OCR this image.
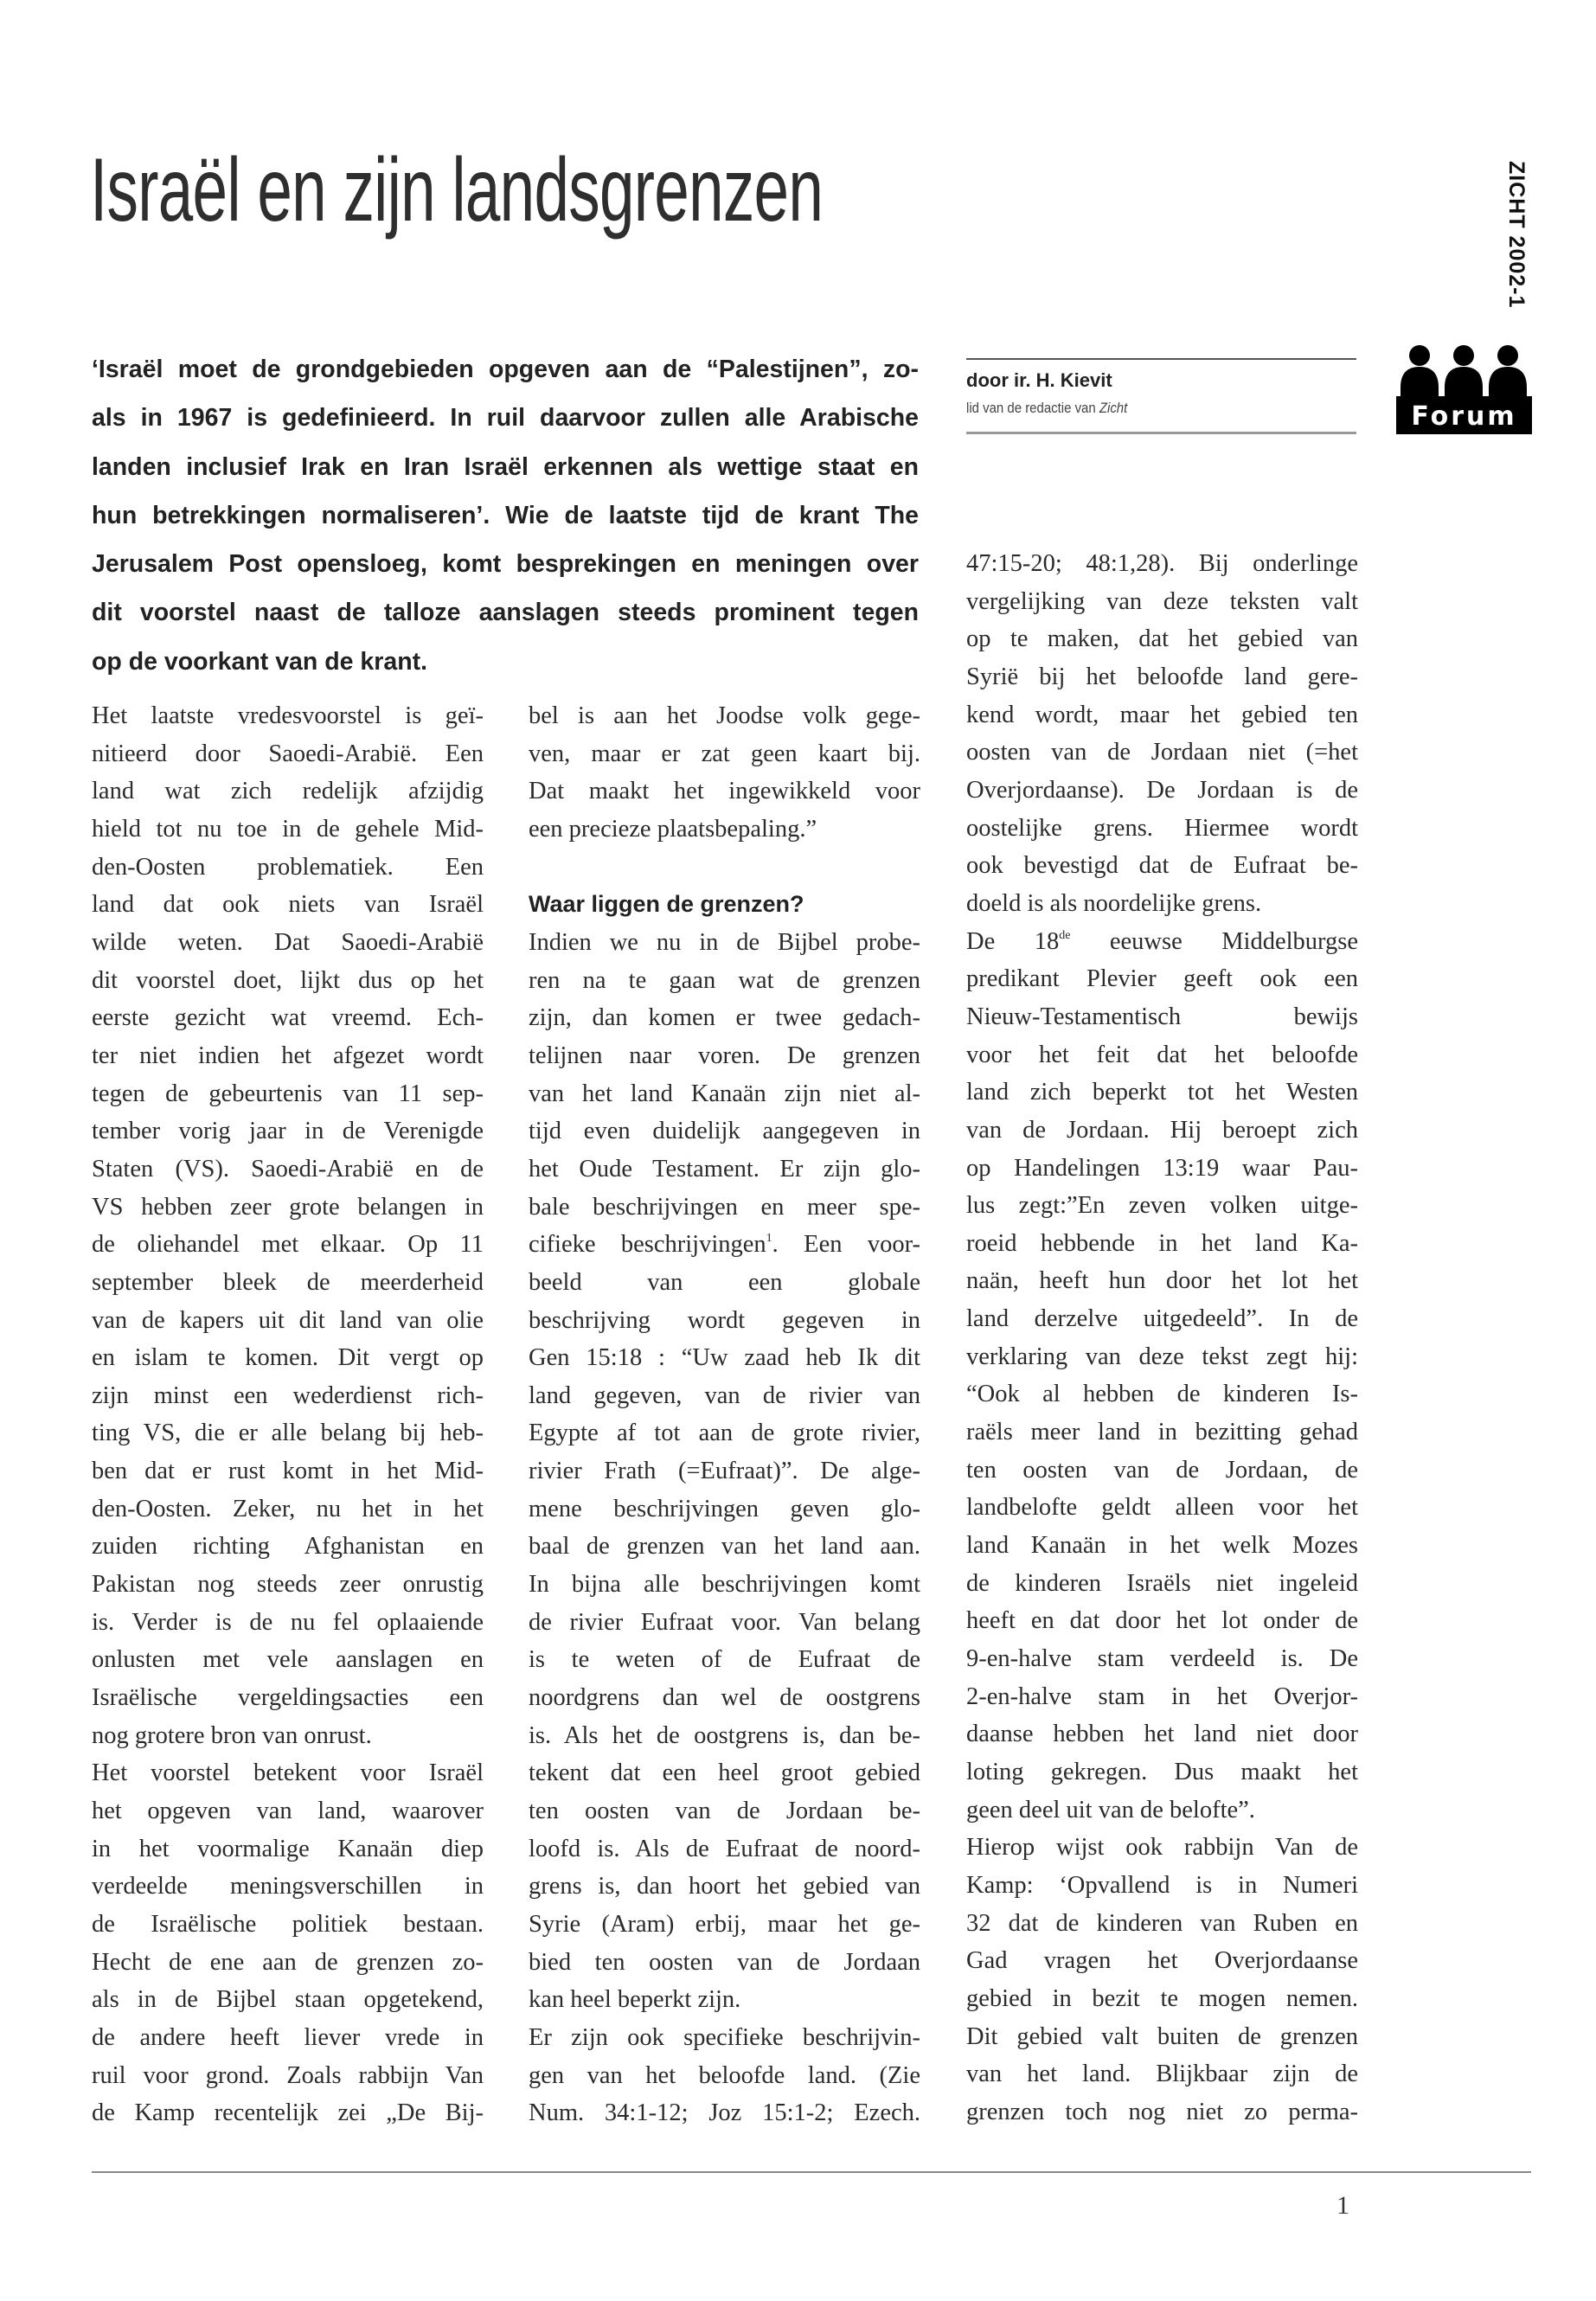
Israël en zijn landsgrenzen	ZICHT 2002-1
door ir. H. Kievit
lid van de redactie van Zicht	Forum
‘Israël moet de grondgebieden opgeven aan de “Palestijnen”, zo-
als in 1967 is gedefinieerd. In ruil daarvoor zullen alle Arabische
landen inclusief Irak en Iran Israël erkennen als wettige staat en
hun betrekkingen normaliseren’. Wie de laatste tijd de krant The
Jerusalem Post opensloeg, komt besprekingen en meningen over
dit voorstel naast de talloze aanslagen steeds prominent tegen
op de voorkant van de krant.
Het laatste vredesvoorstel is geï-
nitieerd door Saoedi-Arabië. Een
land wat zich redelijk afzijdig
hield tot nu toe in de gehele Mid-
den-Oosten problematiek. Een
land dat ook niets van Israël
wilde weten. Dat Saoedi-Arabië
dit voorstel doet, lijkt dus op het
eerste gezicht wat vreemd. Ech-
ter niet indien het afgezet wordt
tegen de gebeurtenis van 11 sep-
tember vorig jaar in de Verenigde
Staten (VS). Saoedi-Arabië en de
VS hebben zeer grote belangen in
de oliehandel met elkaar. Op 11
september bleek de meerderheid
van de kapers uit dit land van olie
en islam te komen. Dit vergt op
zijn minst een wederdienst rich-
ting VS, die er alle belang bij heb-
ben dat er rust komt in het Mid-
den-Oosten. Zeker, nu het in het
zuiden richting Afghanistan en
Pakistan nog steeds zeer onrustig
is. Verder is de nu fel oplaaiende
onlusten met vele aanslagen en
Israëlische vergeldingsacties een
nog grotere bron van onrust.
Het voorstel betekent voor Israël
het opgeven van land, waarover
in het voormalige Kanaän diep
verdeelde meningsverschillen in
de Israëlische politiek bestaan.
Hecht de ene aan de grenzen zo-
als in de Bijbel staan opgetekend,
de andere heeft liever vrede in
ruil voor grond. Zoals rabbijn Van
de Kamp recentelijk zei „De Bij-
bel is aan het Joodse volk gege-
ven, maar er zat geen kaart bij.
Dat maakt het ingewikkeld voor
een precieze plaatsbepaling.”
Waar liggen de grenzen?
Indien we nu in de Bijbel probe-
ren na te gaan wat de grenzen
zijn, dan komen er twee gedach-
telijnen naar voren. De grenzen
van het land Kanaän zijn niet al-
tijd even duidelijk aangegeven in
het Oude Testament. Er zijn glo-
bale beschrijvingen en meer spe-
cifieke beschrijvingen$^1$. Een voor-
beeld van een globale
beschrijving wordt gegeven in
Gen 15:18 : “Uw zaad heb Ik dit
land gegeven, van de rivier van
Egypte af tot aan de grote rivier,
rivier Frath (=Eufraat)”. De alge-
mene beschrijvingen geven glo-
baal de grenzen van het land aan.
In bijna alle beschrijvingen komt
de rivier Eufraat voor. Van belang
is te weten of de Eufraat de
noordgrens dan wel de oostgrens
is. Als het de oostgrens is, dan be-
tekent dat een heel groot gebied
ten oosten van de Jordaan be-
loofd is. Als de Eufraat de noord-
grens is, dan hoort het gebied van
Syrie (Aram) erbij, maar het ge-
bied ten oosten van de Jordaan
kan heel beperkt zijn.
Er zijn ook specifieke beschrijvin-
gen van het beloofde land. (Zie
Num. 34:1-12; Joz 15:1-2; Ezech.
47:15-20; 48:1,28). Bij onderlinge
vergelijking van deze teksten valt
op te maken, dat het gebied van
Syrië bij het beloofde land gere-
kend wordt, maar het gebied ten
oosten van de Jordaan niet (=het
Overjordaanse). De Jordaan is de
oostelijke grens. Hiermee wordt
ook bevestigd dat de Eufraat be-
doeld is als noordelijke grens.
De 18de eeuwse Middelburgse
predikant Plevier geeft ook een
Nieuw-Testamentisch bewijs
voor het feit dat het beloofde
land zich beperkt tot het Westen
van de Jordaan. Hij beroept zich
op Handelingen 13:19 waar Pau-
lus zegt:”En zeven volken uitge-
roeid hebbende in het land Ka-
naän, heeft hun door het lot het
land derzelve uitgedeeld”. In de
verklaring van deze tekst zegt hij:
“Ook al hebben de kinderen Is-
raëls meer land in bezitting gehad
ten oosten van de Jordaan, de
landbelofte geldt alleen voor het
land Kanaän in het welk Mozes
de kinderen Israëls niet ingeleid
heeft en dat door het lot onder de
9-en-halve stam verdeeld is. De
2-en-halve stam in het Overjor-
daanse hebben het land niet door
loting gekregen. Dus maakt het
geen deel uit van de belofte”.
Hierop wijst ook rabbijn Van de
Kamp: ‘Opvallend is in Numeri
32 dat de kinderen van Ruben en
Gad vragen het Overjordaanse
gebied in bezit te mogen nemen.
Dit gebied valt buiten de grenzen
van het land. Blijkbaar zijn de
grenzen toch nog niet zo perma-
1
